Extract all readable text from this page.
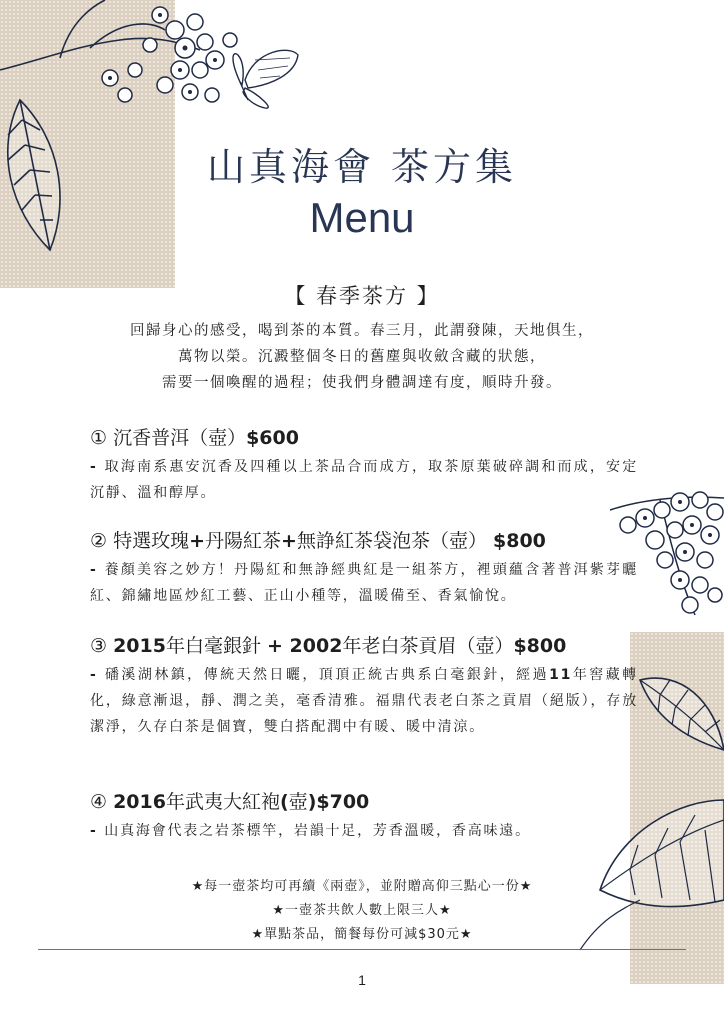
山真海會 茶方集
Menu
【 春季茶方 】
回歸身心的感受，喝到茶的本質。春三月，此謂發陳，天地俱生，
萬物以榮。沉澱整個冬日的舊塵與收斂含藏的狀態，
需要一個喚醒的過程；使我們身體調達有度，順時升發。
① 沉香普洱（壺）$600
- 取海南系惠安沉香及四種以上茶品合而成方，取茶原葉破碎調和而成，安定沉靜、溫和醇厚。
② 特選玫瑰+丹陽紅茶+無諍紅茶袋泡茶（壺） $800
- 養顏美容之妙方！丹陽紅和無諍經典紅是一組茶方，裡頭蘊含著普洱紫芽曬紅、錦繡地區炒紅工藝、正山小種等，溫暖備至、香氣愉悅。
③ 2015年白毫銀針 + 2002年老白茶貢眉（壺）$800
- 磻溪湖林鎮，傳統天然日曬，頂頂正統古典系白毫銀針，經過11年窖藏轉化，綠意漸退，靜、潤之美，毫香清雅。福鼎代表老白茶之貢眉（絕版），存放潔淨，久存白茶是個寶，雙白搭配潤中有暖、暖中清涼。
④ 2016年武夷大紅袍(壺)$700
- 山真海會代表之岩茶標竿，岩韻十足，芳香溫暖，香高味遠。
★每一壺茶均可再續《兩壺》，並附贈高仰三點心一份★
★一壺茶共飲人數上限三人★
★單點茶品，簡餐每份可減$30元★
1
